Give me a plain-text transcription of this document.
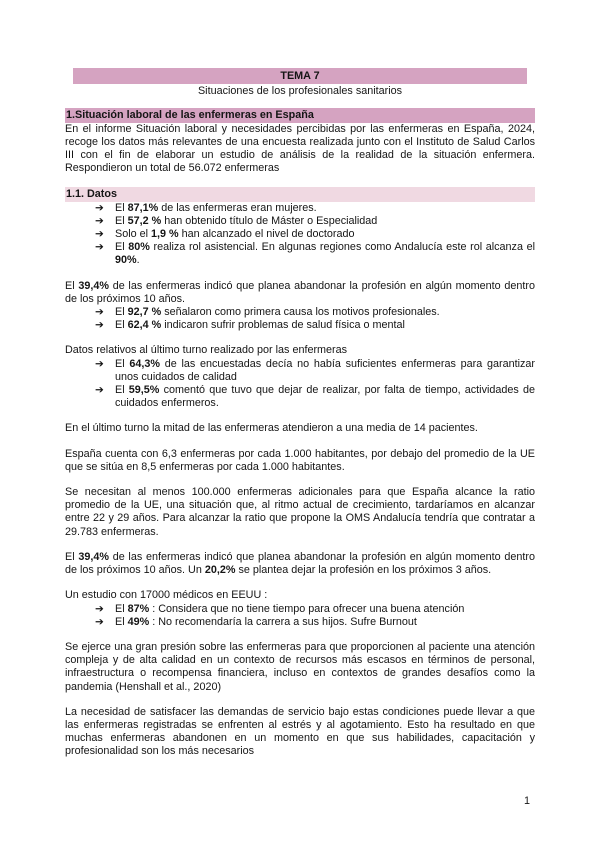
TEMA 7
Situaciones de los profesionales sanitarios
1.Situación laboral de las enfermeras en España
En el informe Situación laboral y necesidades percibidas por las enfermeras en España, 2024, recoge los datos más relevantes de una encuesta realizada junto con el Instituto de Salud Carlos III con el fin de elaborar un estudio de análisis de la realidad de la situación enfermera. Respondieron un total de 56.072 enfermeras
1.1. Datos
➔	El 87,1% de las enfermeras eran mujeres.
➔	El 57,2 % han obtenido título de Máster o Especialidad
➔	Solo el 1,9 % han alcanzado el nivel de doctorado
➔	El 80% realiza rol asistencial. En algunas regiones como Andalucía este rol alcanza el 90%.
El 39,4% de las enfermeras indicó que planea abandonar la profesión en algún momento dentro de los próximos 10 años.
➔	El 92,7 % señalaron como primera causa los motivos profesionales.
➔	El 62,4 % indicaron sufrir problemas de salud física o mental
Datos relativos al último turno realizado por las enfermeras
➔	El 64,3% de las encuestadas decía no había suficientes enfermeras para garantizar unos cuidados de calidad
➔	El 59,5% comentó que tuvo que dejar de realizar, por falta de tiempo, actividades de cuidados enfermeros.
En el último turno la mitad de las enfermeras atendieron a una media de 14 pacientes.
España cuenta con 6,3 enfermeras por cada 1.000 habitantes, por debajo del promedio de la UE que se sitúa en 8,5 enfermeras por cada 1.000 habitantes.
Se necesitan al menos 100.000 enfermeras adicionales para que España alcance la ratio promedio de la UE, una situación que, al ritmo actual de crecimiento, tardaríamos en alcanzar entre 22 y 29 años. Para alcanzar la ratio que propone la OMS Andalucía tendría que contratar a 29.783 enfermeras.
El 39,4% de las enfermeras indicó que planea abandonar la profesión en algún momento dentro de los próximos 10 años. Un 20,2% se plantea dejar la profesión en los próximos 3 años.
Un estudio con 17000 médicos en EEUU :
➔	El 87% : Considera que no tiene tiempo para ofrecer una buena atención
➔	El 49% : No recomendaría la carrera a sus hijos. Sufre Burnout
Se ejerce una gran presión sobre las enfermeras para que proporcionen al paciente una atención compleja y de alta calidad en un contexto de recursos más escasos en términos de personal, infraestructura o recompensa financiera, incluso en contextos de grandes desafíos como la pandemia (Henshall et al., 2020)
La necesidad de satisfacer las demandas de servicio bajo estas condiciones puede llevar a que las enfermeras registradas se enfrenten al estrés y al agotamiento. Esto ha resultado en que muchas enfermeras abandonen en un momento en que sus habilidades, capacitación y profesionalidad son los más necesarios
1
